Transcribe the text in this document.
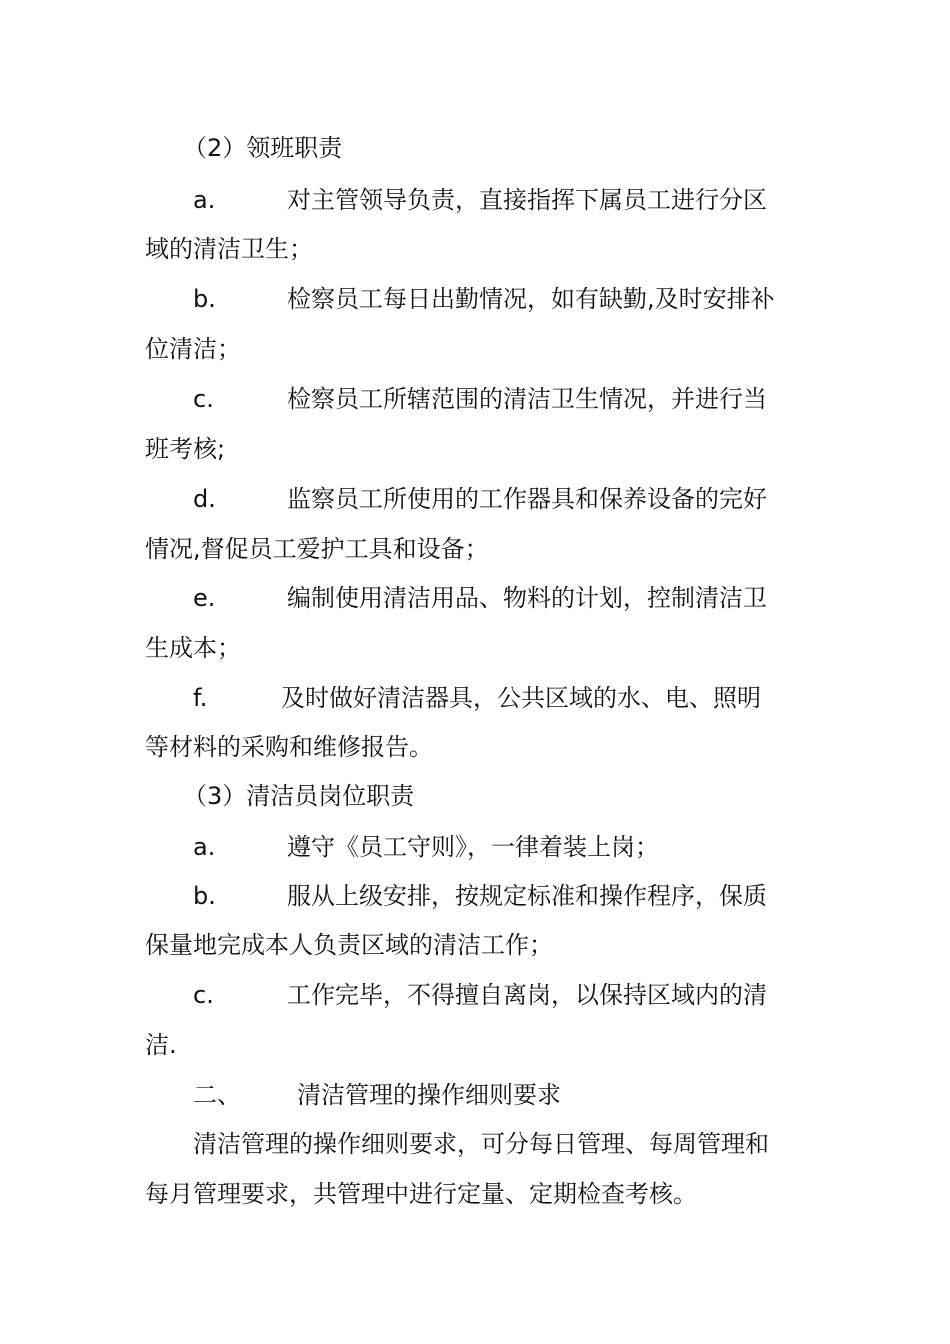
（2）领班职责
a.	对主管领导负责，直接指挥下属员工进行分区
域的清洁卫生；
b.	检察员工每日出勤情况，如有缺勤,及时安排补
位清洁；
c.	检察员工所辖范围的清洁卫生情况，并进行当
班考核;
d.	监察员工所使用的工作器具和保养设备的完好
情况,督促员工爱护工具和设备；
e.	编制使用清洁用品、物料的计划，控制清洁卫
生成本；
f.	及时做好清洁器具，公共区域的水、电、照明
等材料的采购和维修报告。
（3）清洁员岗位职责
a.	遵守《员工守则》，一律着装上岗；
b.	服从上级安排，按规定标准和操作程序，保质
保量地完成本人负责区域的清洁工作；
c.	工作完毕，不得擅自离岗，以保持区域内的清
洁.
二、 清洁管理的操作细则要求
清洁管理的操作细则要求，可分每日管理、每周管理和
每月管理要求，共管理中进行定量、定期检查考核。
